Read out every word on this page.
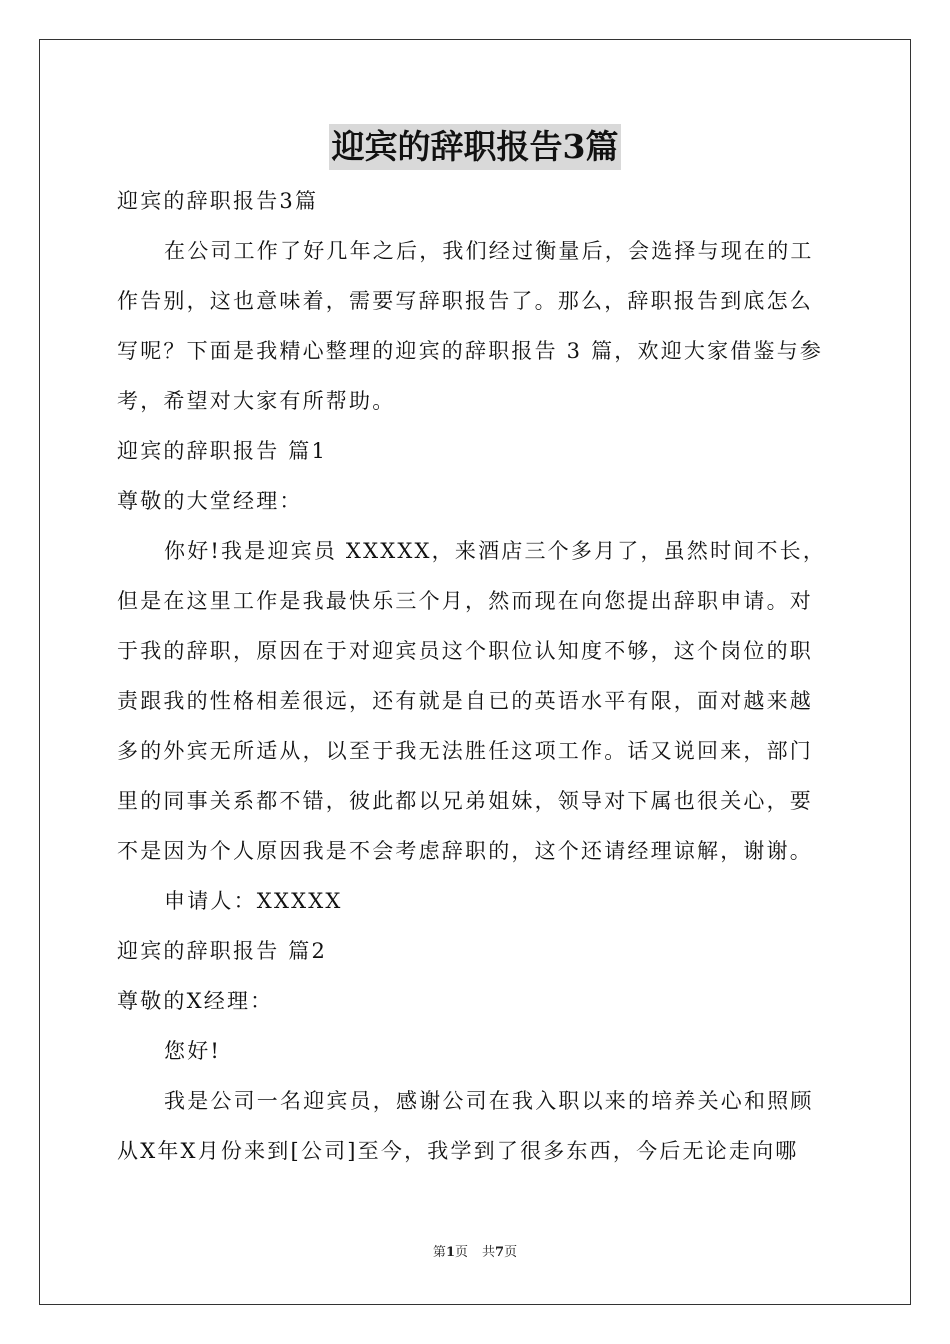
迎宾的辞职报告3篇
迎宾的辞职报告3篇
在公司工作了好几年之后，我们经过衡量后，会选择与现在的工
作告别，这也意味着，需要写辞职报告了。那么，辞职报告到底怎么
写呢？下面是我精心整理的迎宾的辞职报告 3 篇，欢迎大家借鉴与参
考，希望对大家有所帮助。
迎宾的辞职报告 篇1
尊敬的大堂经理：
你好!我是迎宾员 XXXXX，来酒店三个多月了，虽然时间不长，
但是在这里工作是我最快乐三个月，然而现在向您提出辞职申请。对
于我的辞职，原因在于对迎宾员这个职位认知度不够，这个岗位的职
责跟我的性格相差很远，还有就是自已的英语水平有限，面对越来越
多的外宾无所适从，以至于我无法胜任这项工作。话又说回来，部门
里的同事关系都不错，彼此都以兄弟姐妹，领导对下属也很关心，要
不是因为个人原因我是不会考虑辞职的，这个还请经理谅解，谢谢。
申请人：XXXXX
迎宾的辞职报告 篇2
尊敬的X经理：
您好!
我是公司一名迎宾员，感谢公司在我入职以来的培养关心和照顾
从X年X月份来到[公司]至今，我学到了很多东西，今后无论走向哪
第1页 共7页
